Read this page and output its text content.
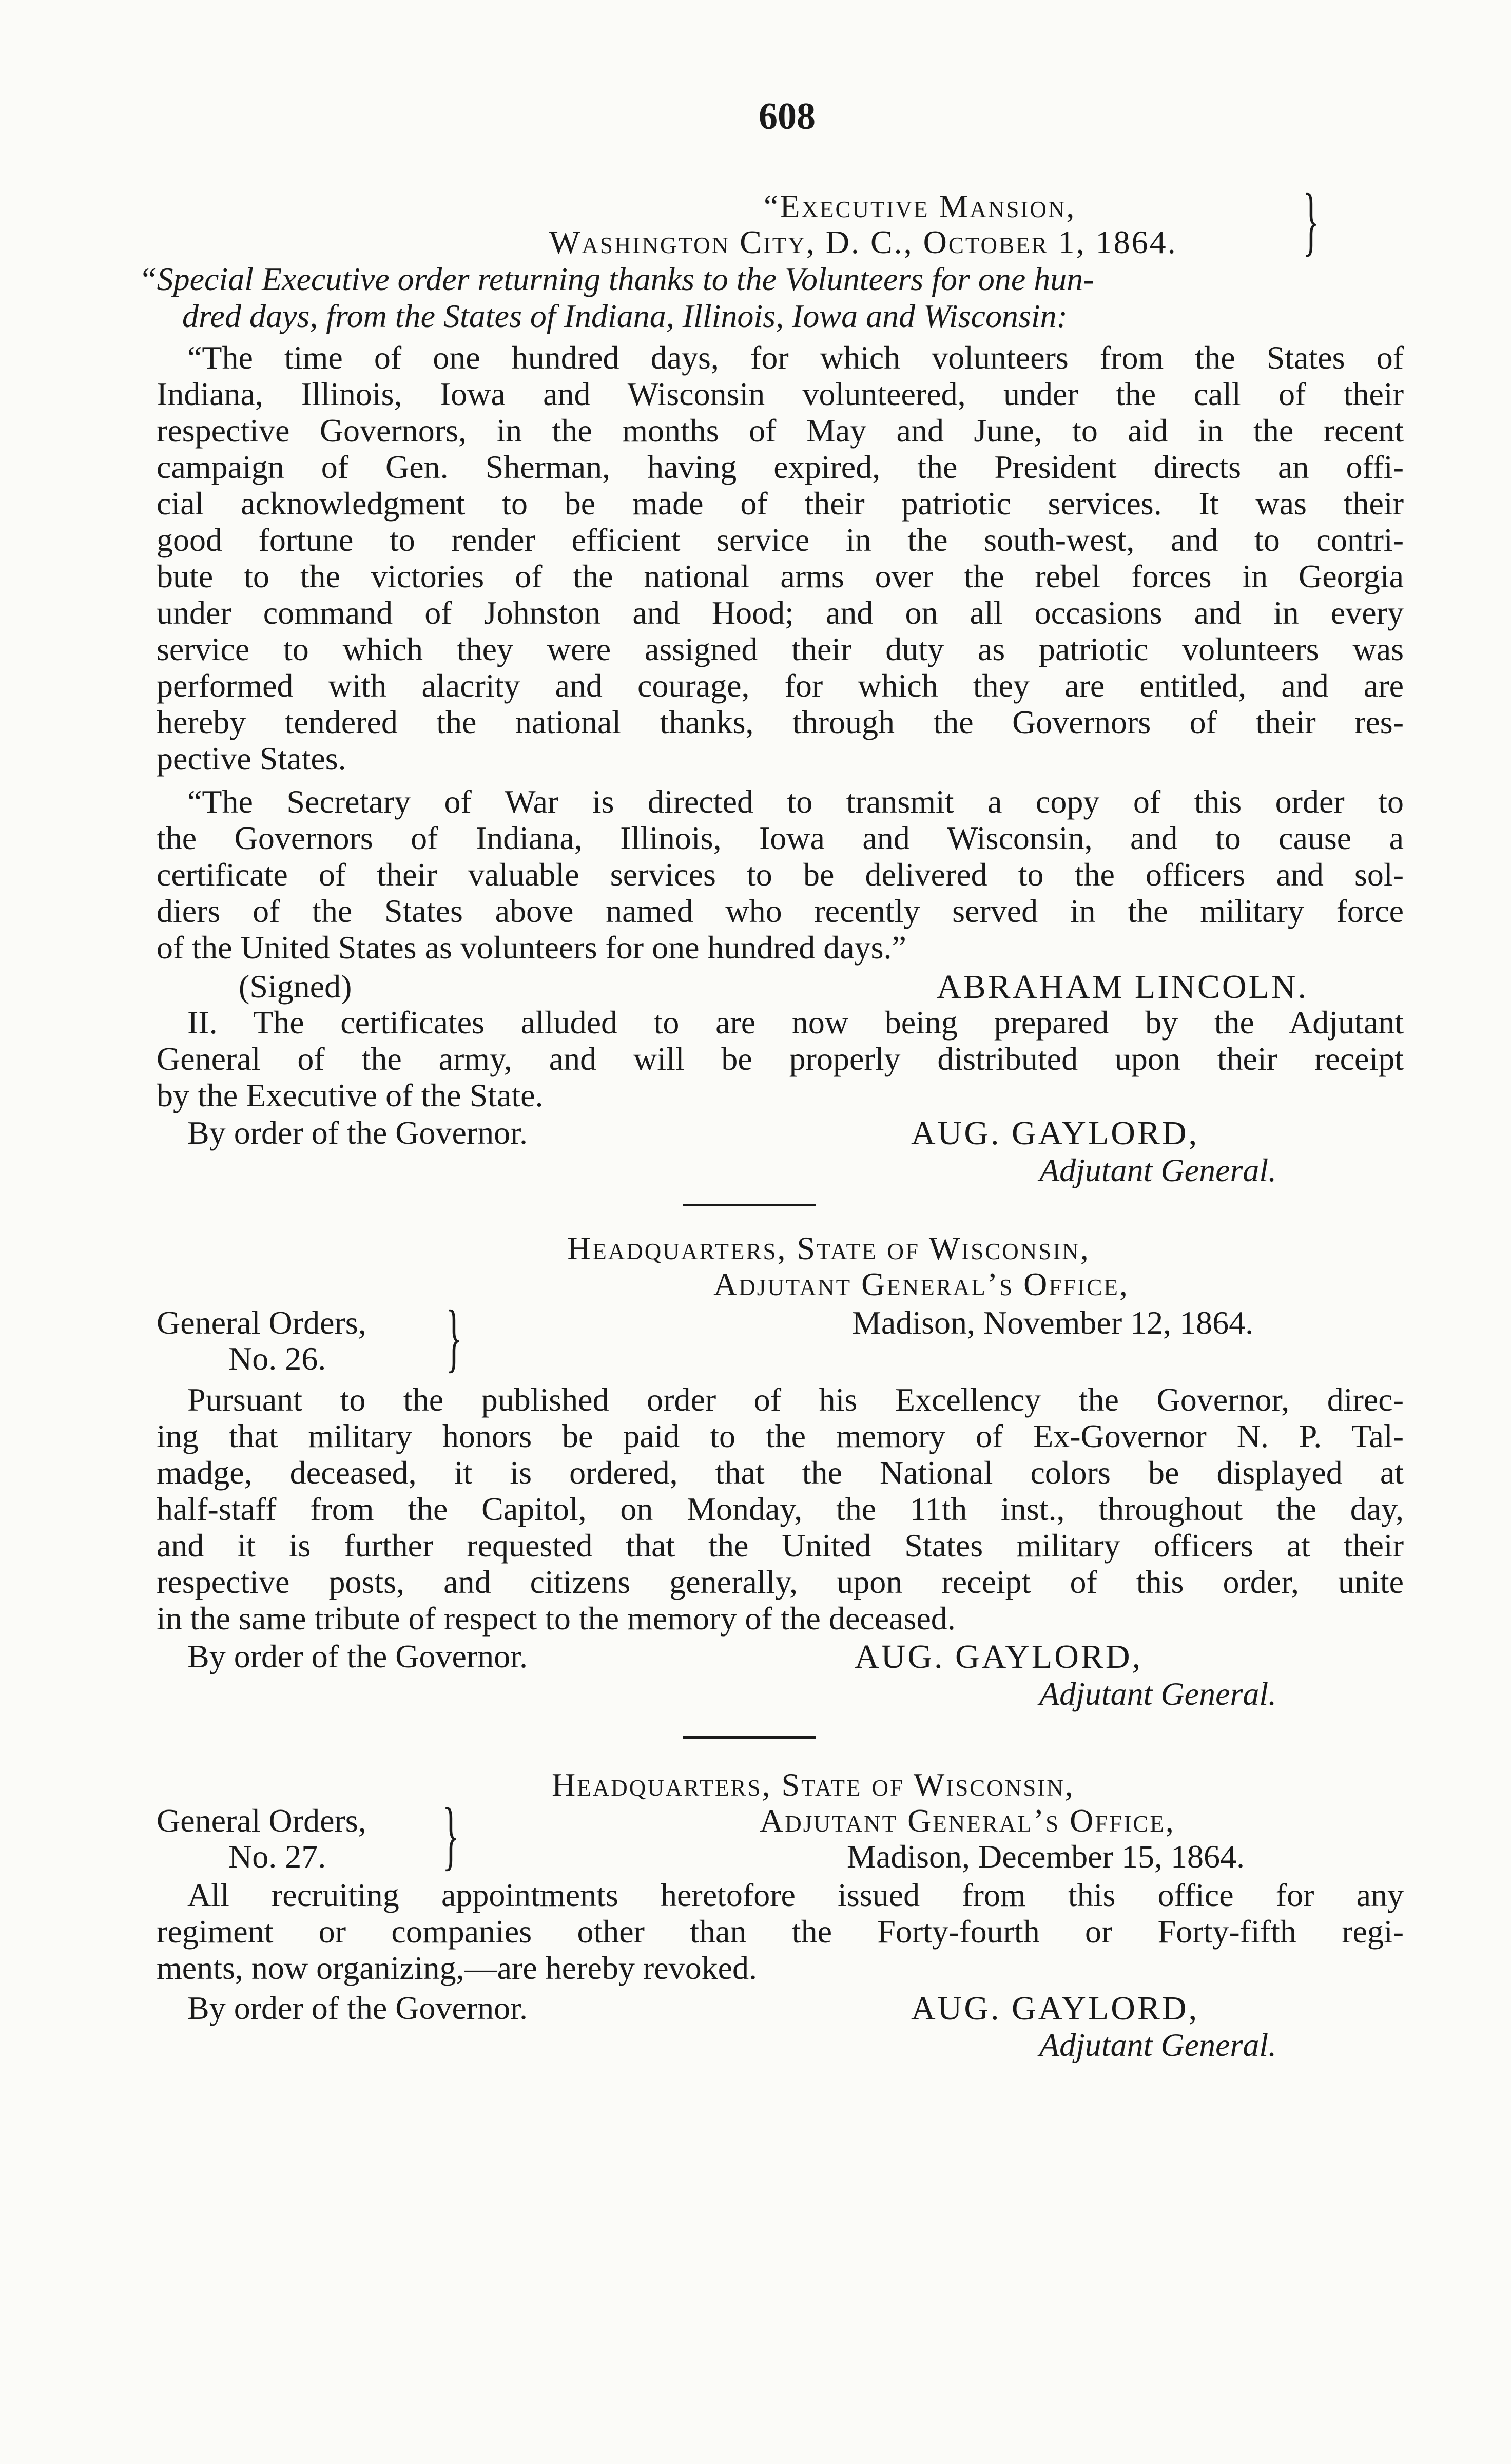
608
“Executive Mansion,
Washington City, D. C., October 1, 1864. }
“Special Executive order returning thanks to the Volunteers for one hun-
dred days, from the States of Indiana, Illinois, Iowa and Wisconsin:
“The time of one hundred days, for which volunteers from the States of
Indiana, Illinois, Iowa and Wisconsin volunteered, under the call of their
respective Governors, in the months of May and June, to aid in the recent
campaign of Gen. Sherman, having expired, the President directs an offi-
cial acknowledgment to be made of their patriotic services. It was their
good fortune to render efficient service in the south-west, and to contri-
bute to the victories of the national arms over the rebel forces in Georgia
under command of Johnston and Hood; and on all occasions and in every
service to which they were assigned their duty as patriotic volunteers was
performed with alacrity and courage, for which they are entitled, and are
hereby tendered the national thanks, through the Governors of their res-
pective States.
“The Secretary of War is directed to transmit a copy of this order to
the Governors of Indiana, Illinois, Iowa and Wisconsin, and to cause a
certificate of their valuable services to be delivered to the officers and sol-
diers of the States above named who recently served in the military force
of the United States as volunteers for one hundred days.”
(Signed)	ABRAHAM LINCOLN.
II. The certificates alluded to are now being prepared by the Adjutant
General of the army, and will be properly distributed upon their receipt
by the Executive of the State.
By order of the Governor.	AUG. GAYLORD,
Adjutant General.
Headquarters, State of Wisconsin,
Adjutant General’s Office,
General Orders,
No. 26. }	Madison, November 12, 1864.
Pursuant to the published order of his Excellency the Governor, direc-
ing that military honors be paid to the memory of Ex-Governor N. P. Tal-
madge, deceased, it is ordered, that the National colors be displayed at
half-staff from the Capitol, on Monday, the 11th inst., throughout the day,
and it is further requested that the United States military officers at their
respective posts, and citizens generally, upon receipt of this order, unite
in the same tribute of respect to the memory of the deceased.
By order of the Governor.	AUG. GAYLORD,
Adjutant General.
Headquarters, State of Wisconsin,
Adjutant General’s Office,
General Orders,
No. 27. }	Madison, December 15, 1864.
All recruiting appointments heretofore issued from this office for any
regiment or companies other than the Forty-fourth or Forty-fifth regi-
ments, now organizing,—are hereby revoked.
By order of the Governor.	AUG. GAYLORD,
Adjutant General.
